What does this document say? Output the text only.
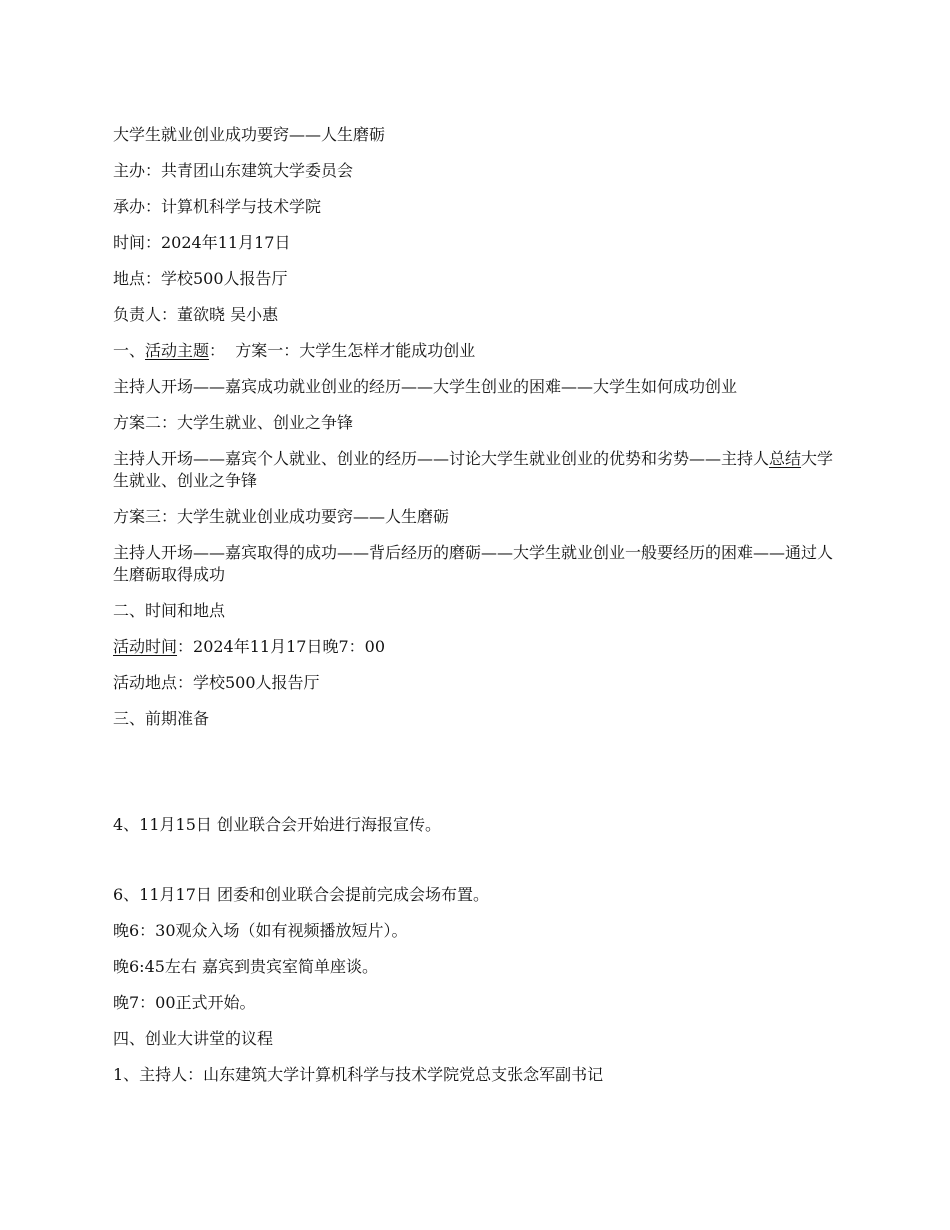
大学生就业创业成功要窍——人生磨砺

主办：共青团山东建筑大学委员会

承办：计算机科学与技术学院

时间：2024年11月17日

地点：学校500人报告厅

负责人：董欲晓 吴小惠

一、活动主题：  方案一：大学生怎样才能成功创业

主持人开场——嘉宾成功就业创业的经历——大学生创业的困难——大学生如何成功创业

方案二：大学生就业、创业之争锋

主持人开场——嘉宾个人就业、创业的经历——讨论大学生就业创业的优势和劣势——主持人总结大学生就业、创业之争锋

方案三：大学生就业创业成功要窍——人生磨砺

主持人开场——嘉宾取得的成功——背后经历的磨砺——大学生就业创业一般要经历的困难——通过人生磨砺取得成功

二、时间和地点

活动时间：2024年11月17日晚7：00

活动地点：学校500人报告厅

三、前期准备

4、11月15日 创业联合会开始进行海报宣传。

6、11月17日 团委和创业联合会提前完成会场布置。

晚6：30观众入场（如有视频播放短片）。

晚6:45左右 嘉宾到贵宾室简单座谈。

晚7：00正式开始。

四、创业大讲堂的议程

1、主持人：山东建筑大学计算机科学与技术学院党总支张念军副书记
